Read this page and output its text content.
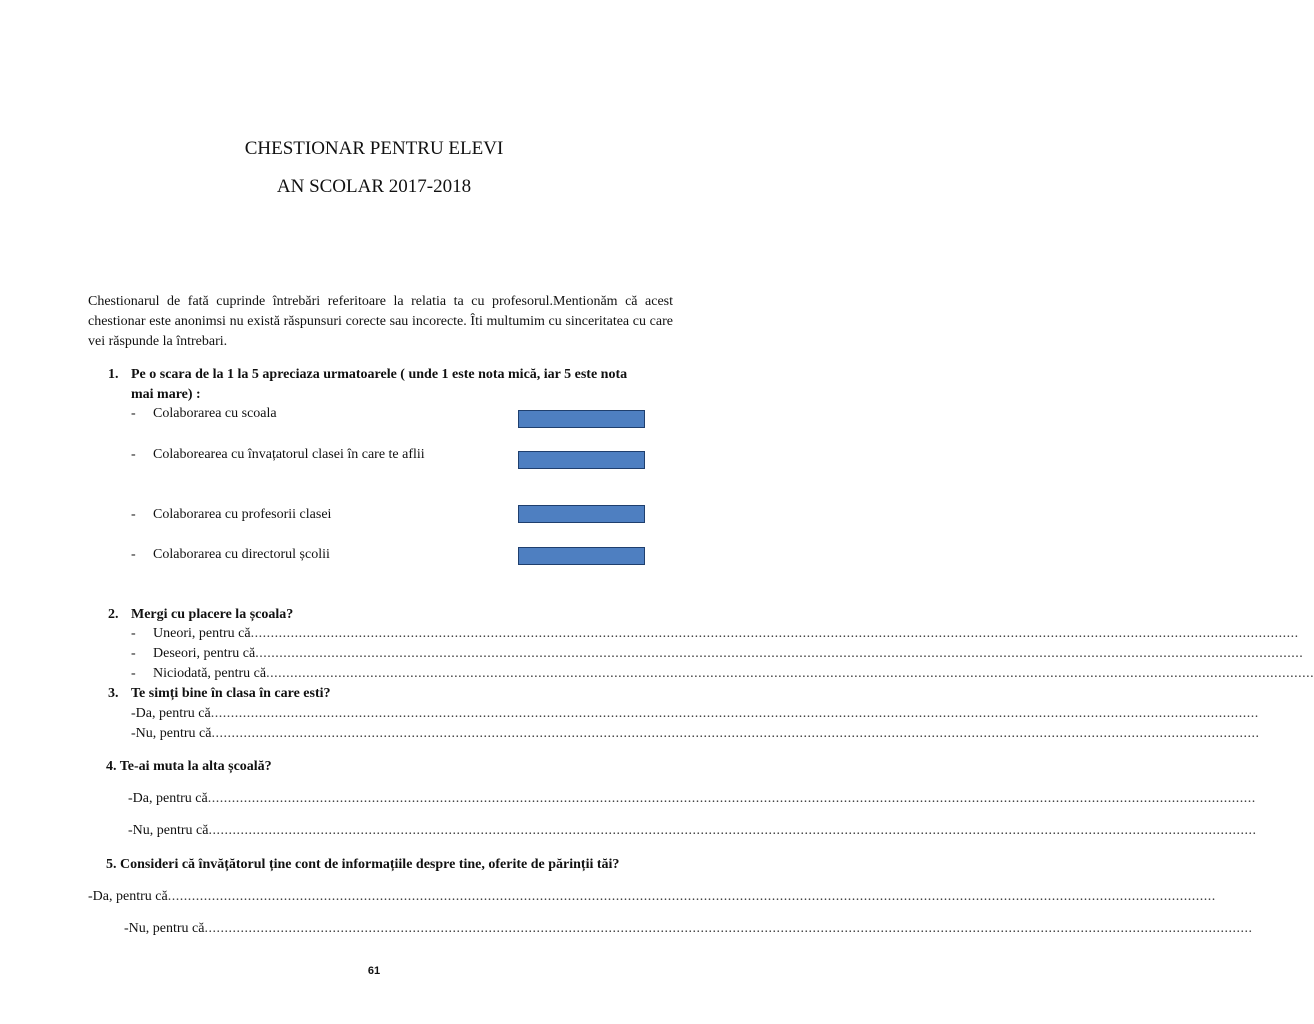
CHESTIONAR PENTRU ELEVI
AN SCOLAR 2017-2018
Chestionarul de fată cuprinde întrebări referitoare la relatia ta cu profesorul.Mentionăm că acest chestionar este anonimsi nu există răspunsuri corecte sau incorecte. Îti multumim cu sinceritatea cu care vei răspunde la întrebari.
1. Pe o scara de la 1 la 5 apreciaza urmatoarele ( unde 1 este nota mică, iar 5 este nota
mai mare) :
- Colaborarea cu scoala
- Colaborearea cu învațatorul clasei în care te aflii
- Colaborarea cu profesorii clasei
- Colaborarea cu directorul școlii
2. Mergi cu placere la școala?
- Uneori, pentru că......................................................................................................................................................................................................................................................................
- Deseori, pentru că......................................................................................................................................................................................................................................................................
- Niciodată, pentru că......................................................................................................................................................................................................................................................................
3. Te simți bine în clasa în care esti?
-Da, pentru că......................................................................................................................................................................................................................................................................
-Nu, pentru că......................................................................................................................................................................................................................................................................
4. Te-ai muta la alta școală?
-Da, pentru că......................................................................................................................................................................................................................................................................
-Nu, pentru că......................................................................................................................................................................................................................................................................
5. Consideri că învățătorul ține cont de informațiile despre tine, oferite de părinții tăi?
-Da, pentru că......................................................................................................................................................................................................................................................................
-Nu, pentru că......................................................................................................................................................................................................................................................................
61
